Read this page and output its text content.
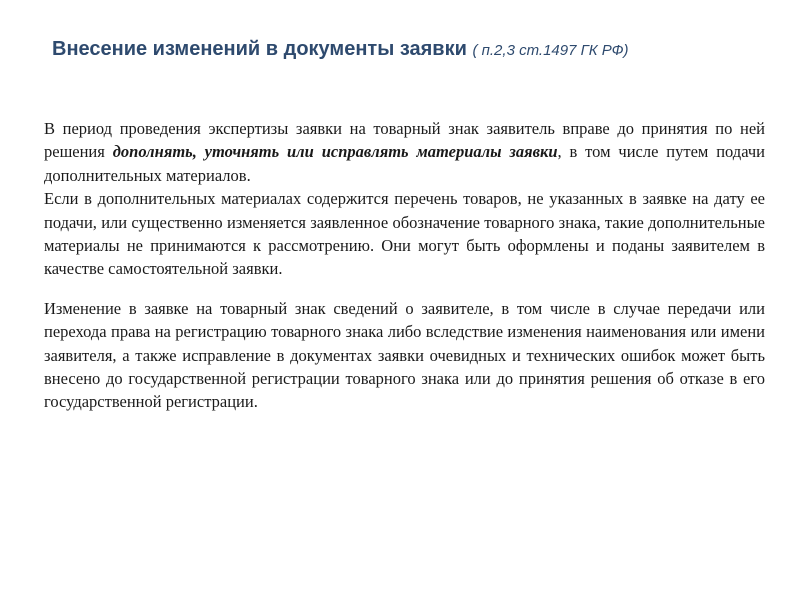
Внесение изменений в документы заявки ( п.2,3 ст.1497 ГК РФ)

В период проведения экспертизы заявки на товарный знак заявитель вправе до принятия по ней решения дополнять, уточнять или исправлять материалы заявки, в том числе путем подачи дополнительных материалов.

Если в дополнительных материалах содержится перечень товаров, не указанных в заявке на дату ее подачи, или существенно изменяется заявленное обозначение товарного знака, такие дополнительные материалы не принимаются к рассмотрению. Они могут быть оформлены и поданы заявителем в качестве самостоятельной заявки.

Изменение в заявке на товарный знак сведений о заявителе, в том числе в случае передачи или перехода права на регистрацию товарного знака либо вследствие изменения наименования или имени заявителя, а также исправление в документах заявки очевидных и технических ошибок может быть внесено до государственной регистрации товарного знака или до принятия решения об отказе в его государственной регистрации.
